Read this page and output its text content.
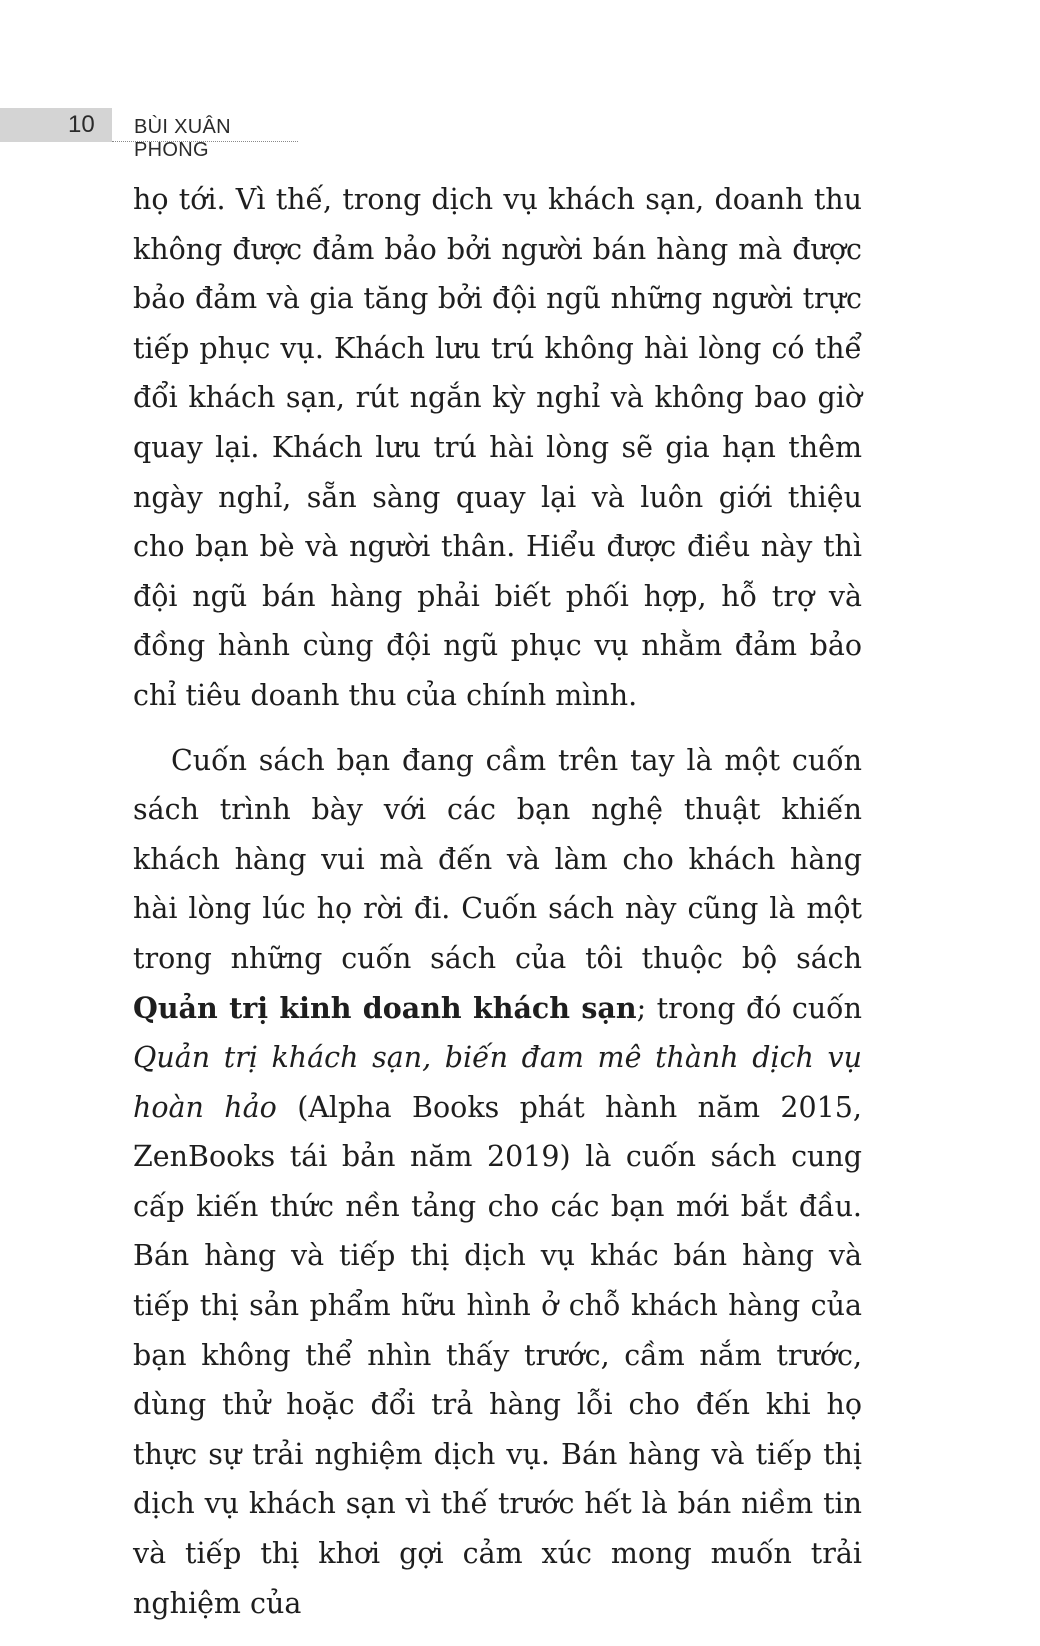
10 BÙI XUÂN PHONG

họ tới. Vì thế, trong dịch vụ khách sạn, doanh thu không được đảm bảo bởi người bán hàng mà được bảo đảm và gia tăng bởi đội ngũ những người trực tiếp phục vụ. Khách lưu trú không hài lòng có thể đổi khách sạn, rút ngắn kỳ nghỉ và không bao giờ quay lại. Khách lưu trú hài lòng sẽ gia hạn thêm ngày nghỉ, sẵn sàng quay lại và luôn giới thiệu cho bạn bè và người thân. Hiểu được điều này thì đội ngũ bán hàng phải biết phối hợp, hỗ trợ và đồng hành cùng đội ngũ phục vụ nhằm đảm bảo chỉ tiêu doanh thu của chính mình.

Cuốn sách bạn đang cầm trên tay là một cuốn sách trình bày với các bạn nghệ thuật khiến khách hàng vui mà đến và làm cho khách hàng hài lòng lúc họ rời đi. Cuốn sách này cũng là một trong những cuốn sách của tôi thuộc bộ sách Quản trị kinh doanh khách sạn; trong đó cuốn Quản trị khách sạn, biến đam mê thành dịch vụ hoàn hảo (Alpha Books phát hành năm 2015, ZenBooks tái bản năm 2019) là cuốn sách cung cấp kiến thức nền tảng cho các bạn mới bắt đầu. Bán hàng và tiếp thị dịch vụ khác bán hàng và tiếp thị sản phẩm hữu hình ở chỗ khách hàng của bạn không thể nhìn thấy trước, cầm nắm trước, dùng thử hoặc đổi trả hàng lỗi cho đến khi họ thực sự trải nghiệm dịch vụ. Bán hàng và tiếp thị dịch vụ khách sạn vì thế trước hết là bán niềm tin và tiếp thị khơi gợi cảm xúc mong muốn trải nghiệm của
